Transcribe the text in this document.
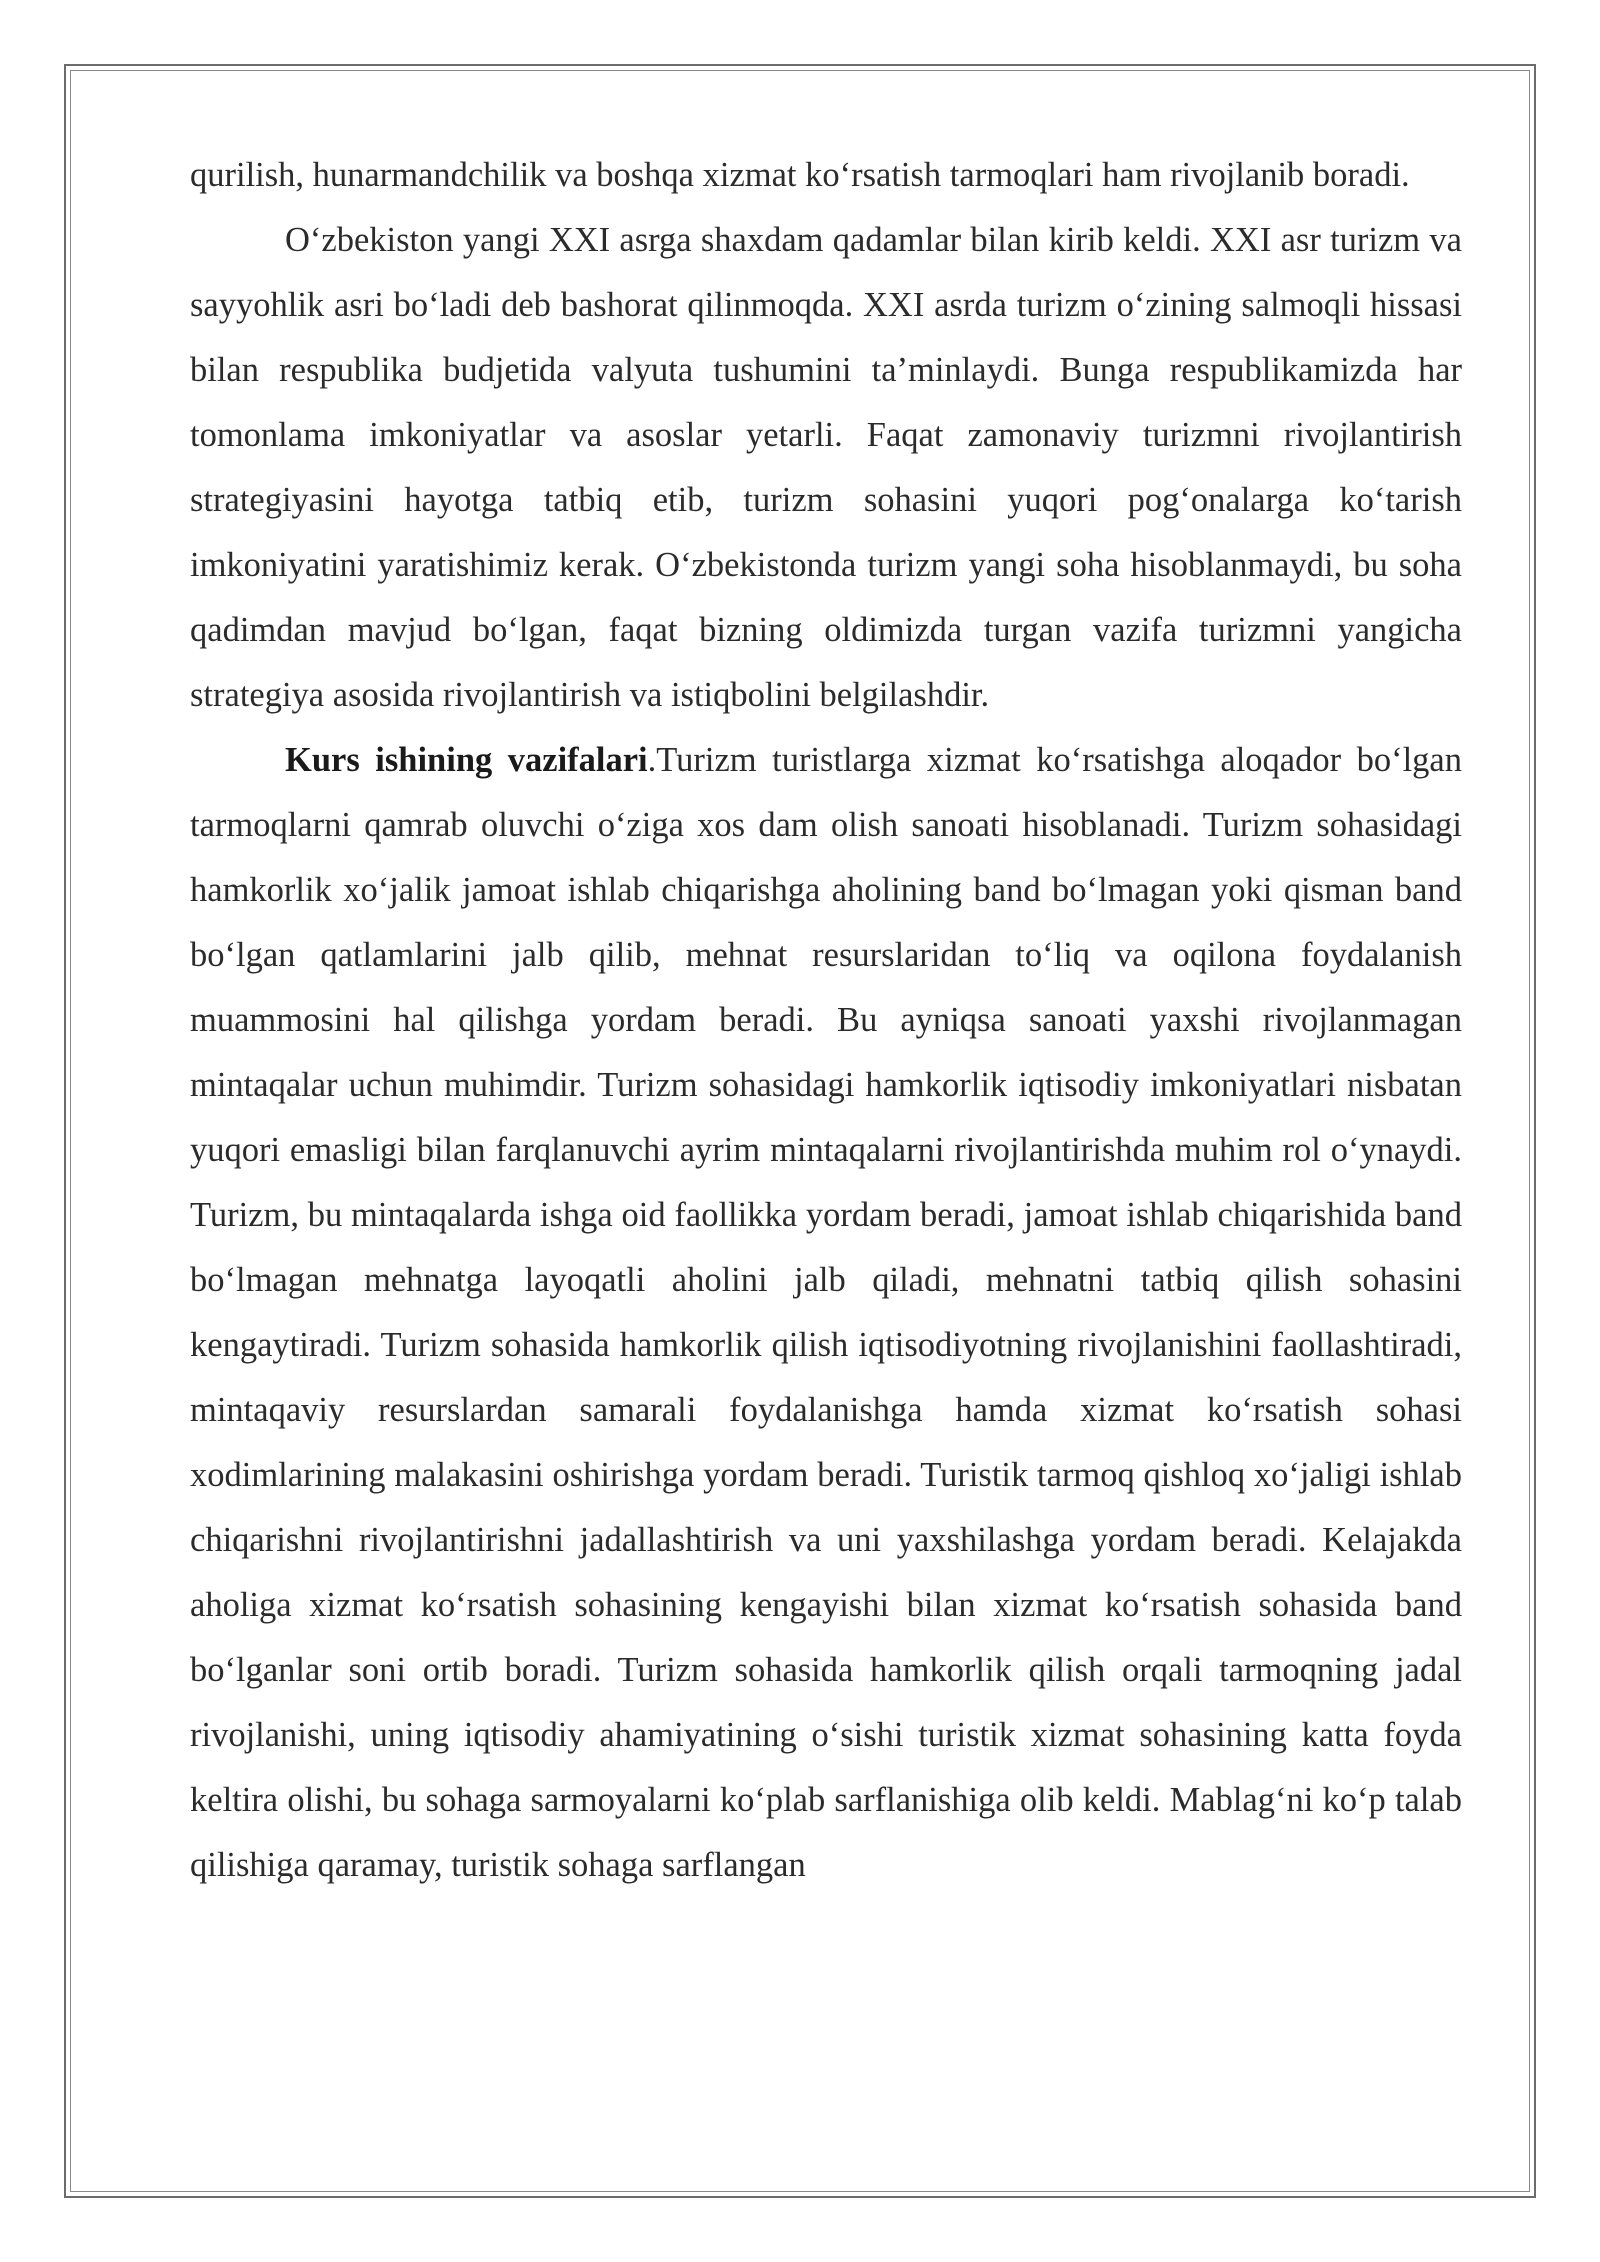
qurilish, hunarmandchilik va boshqa xizmat ko‘rsatish tarmoqlari ham rivojlanib boradi.

O‘zbekiston yangi XXI asrga shaxdam qadamlar bilan kirib keldi. XXI asr turizm va sayyohlik asri bo‘ladi deb bashorat qilinmoqda. XXI asrda turizm o‘zining salmoqli hissasi bilan respublika budjetida valyuta tushumini ta’minlaydi. Bunga respublikamizda har tomonlama imkoniyatlar va asoslar yetarli. Faqat zamonaviy turizmni rivojlantirish strategiyasini hayotga tatbiq etib, turizm sohasini yuqori pog‘onalarga ko‘tarish imkoniyatini yaratishimiz kerak. O‘zbekistonda turizm yangi soha hisoblanmaydi, bu soha qadimdan mavjud bo‘lgan, faqat bizning oldimizda turgan vazifa turizmni yangicha strategiya asosida rivojlantirish va istiqbolini belgilashdir.

Kurs ishining vazifalari.Turizm turistlarga xizmat ko‘rsatishga aloqador bo‘lgan tarmoqlarni qamrab oluvchi o‘ziga xos dam olish sanoati hisoblanadi. Turizm sohasidagi hamkorlik xo‘jalik jamoat ishlab chiqarishga aholining band bo‘lmagan yoki qisman band bo‘lgan qatlamlarini jalb qilib, mehnat resurslaridan to‘liq va oqilona foydalanish muammosini hal qilishga yordam beradi. Bu ayniqsa sanoati yaxshi rivojlanmagan mintaqalar uchun muhimdir. Turizm sohasidagi hamkorlik iqtisodiy imkoniyatlari nisbatan yuqori emasligi bilan farqlanuvchi ayrim mintaqalarni rivojlantirishda muhim rol o‘ynaydi. Turizm, bu mintaqalarda ishga oid faollikka yordam beradi, jamoat ishlab chiqarishida band bo‘lmagan mehnatga layoqatli aholini jalb qiladi, mehnatni tatbiq qilish sohasini kengaytiradi. Turizm sohasida hamkorlik qilish iqtisodiyotning rivojlanishini faollashtiradi, mintaqaviy resurslardan samarali foydalanishga hamda xizmat ko‘rsatish sohasi xodimlarining malakasini oshirishga yordam beradi. Turistik tarmoq qishloq xo‘jaligi ishlab chiqarishni rivojlantirishni jadallashtirish va uni yaxshilashga yordam beradi. Kelajakda aholiga xizmat ko‘rsatish sohasining kengayishi bilan xizmat ko‘rsatish sohasida band bo‘lganlar soni ortib boradi. Turizm sohasida hamkorlik qilish orqali tarmoqning jadal rivojlanishi, uning iqtisodiy ahamiyatining o‘sishi turistik xizmat sohasining katta foyda keltira olishi, bu sohaga sarmoyalarni ko‘plab sarflanishiga olib keldi. Mablag‘ni ko‘p talab qilishiga qaramay, turistik sohaga sarflangan
